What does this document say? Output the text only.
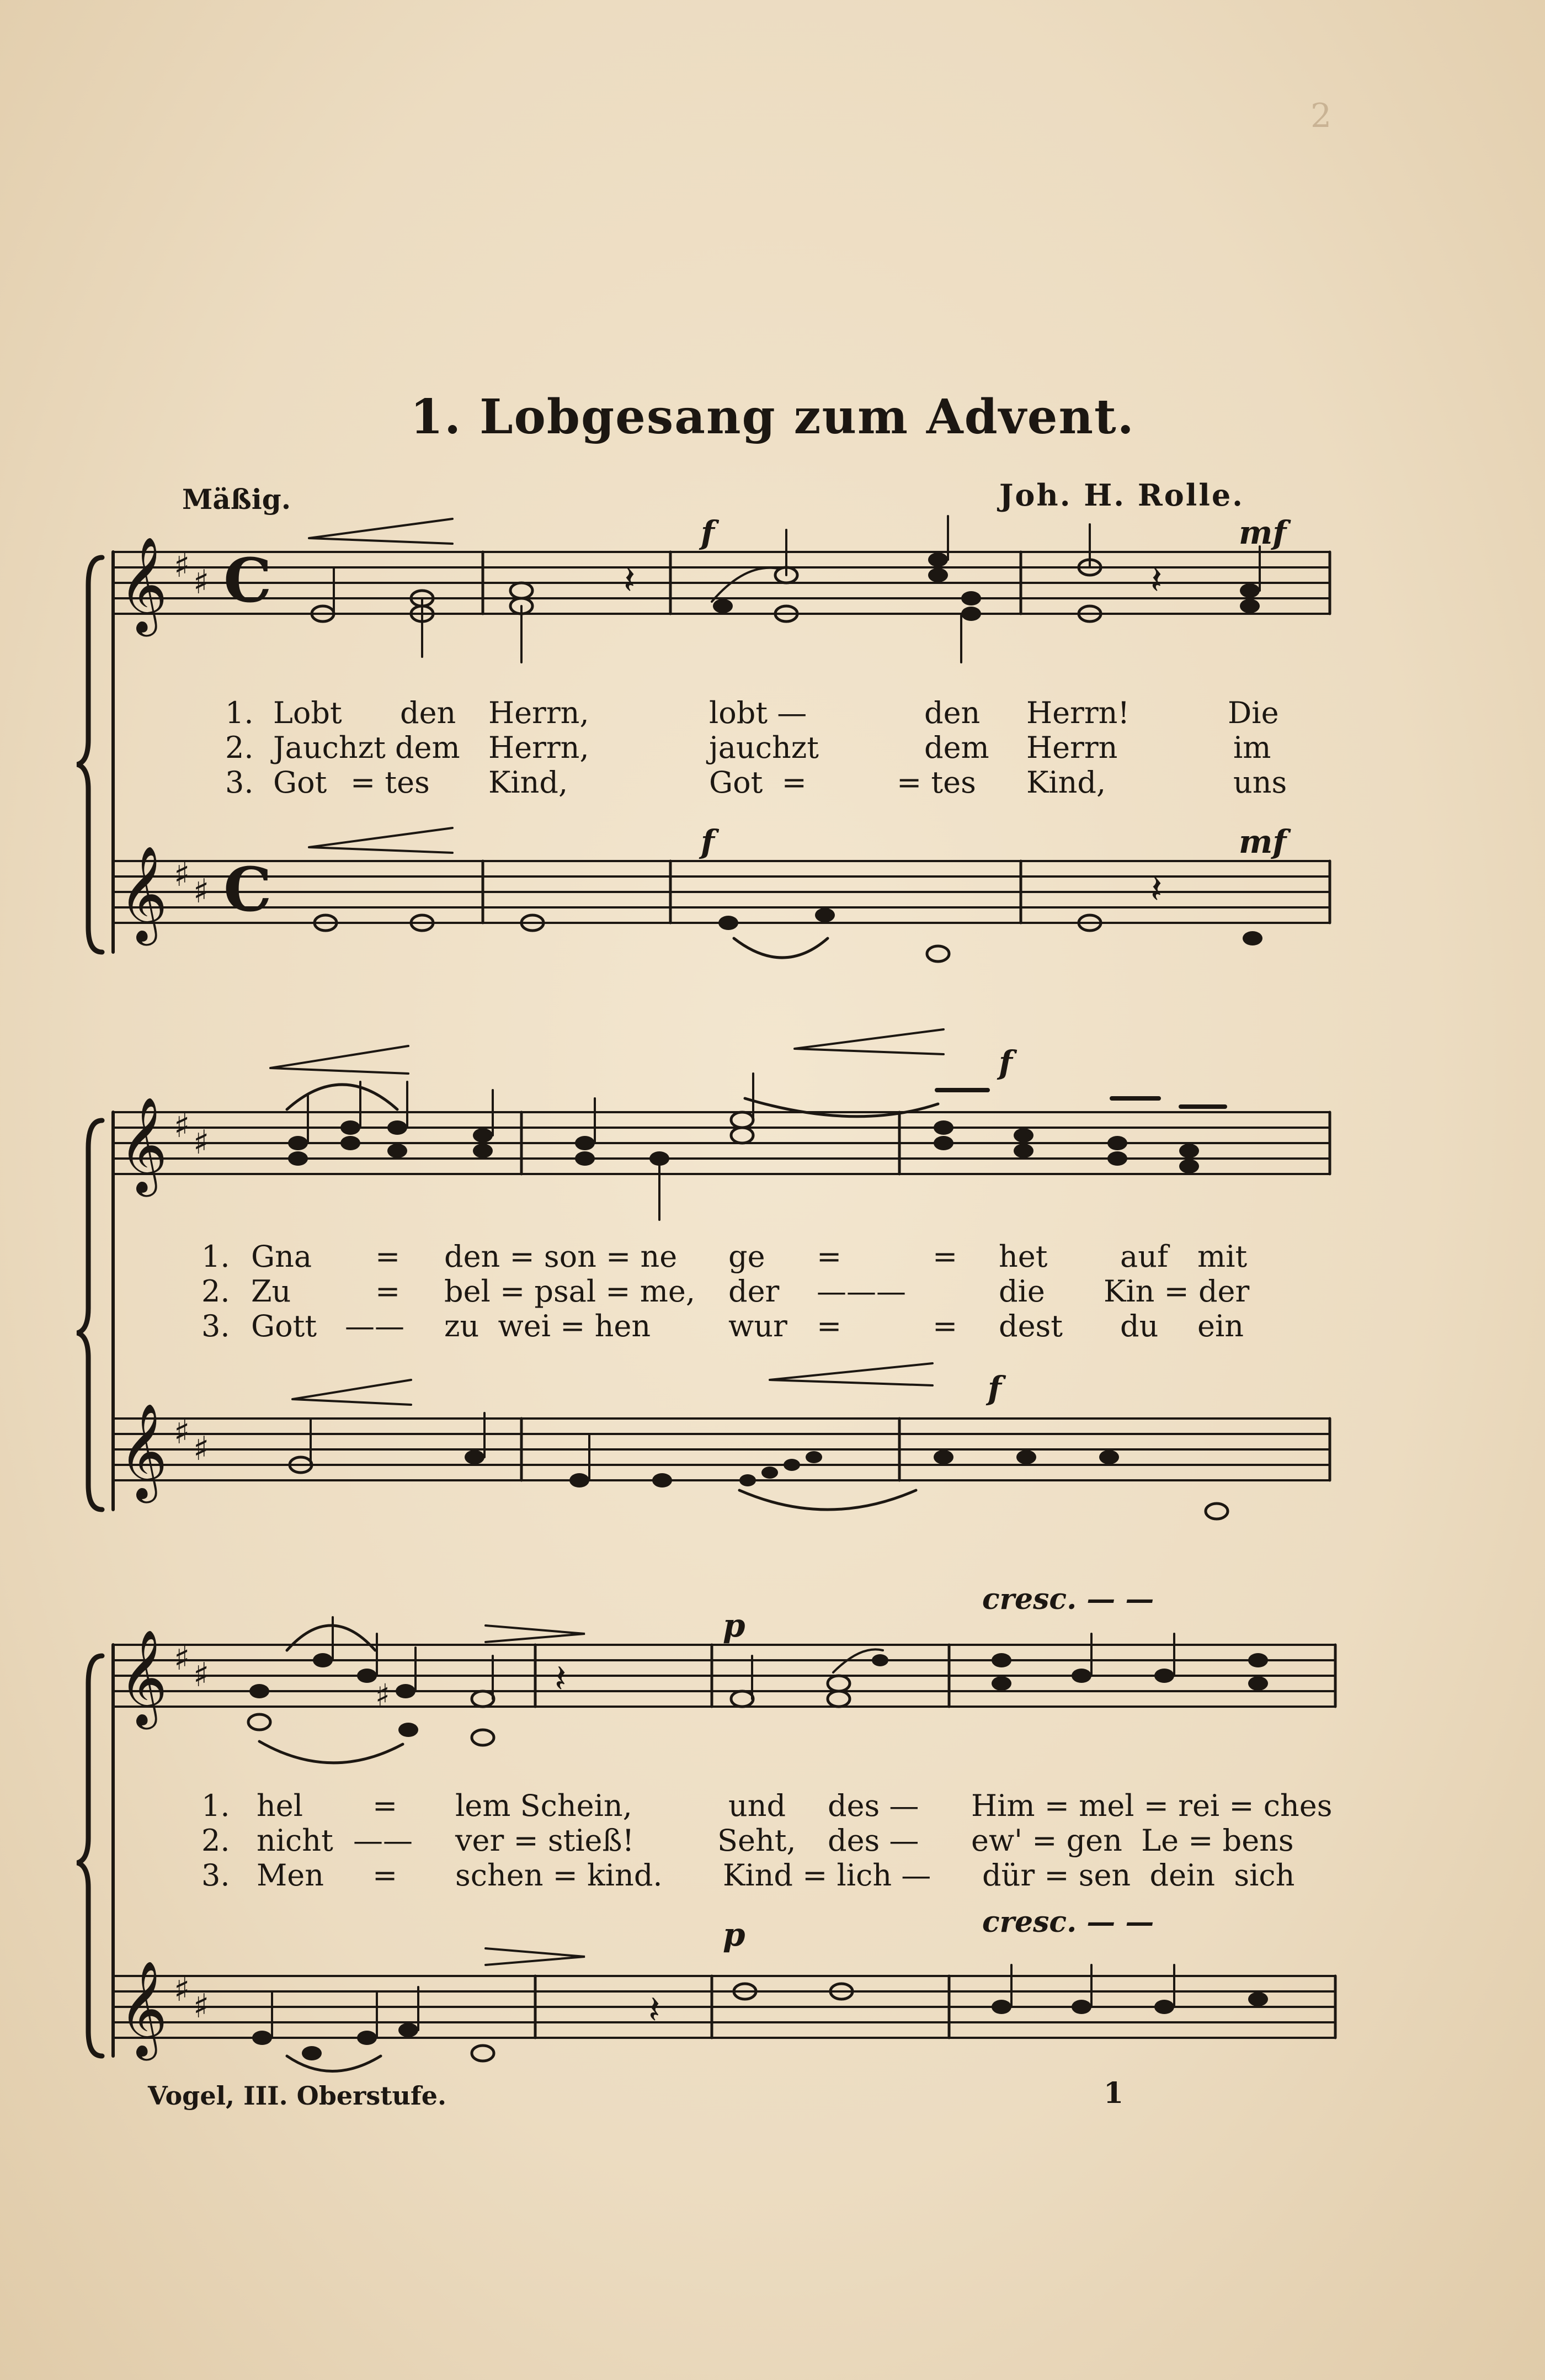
2
1. Lobgesang zum Advent.
Mäßig.	Joh. H. Rolle.
𝄞
𝄞
♯ ♯
♯ ♯
C
C
𝄽	𝄽
𝄽
𝄞
𝄞
♯ ♯
♯ ♯
𝄞
𝄞
♯ ♯
♯ ♯
♯	𝄽
𝄽
f	mf
f	mf
f
f
p
cresc. — —
p	cresc. — —
1. Lobt den Herrn,	lobt —	den Herrn!	Die
2. Jauchzt dem Herrn,	jauchzt	dem Herrn	im
3. Got = tes Kind,	Got  =	= tes Kind,	uns
1. Gna = den = son = ne ge =	= het auf mit
2. Zu	= bel = psal = me, der ———	die Kin = der
3. Gott —— zu  wei = hen	wur =	= dest du ein
1. hel = lem Schein,	und des — Him = mel = rei = ches
2. nicht —— ver = stieß!	Seht, des — ew' = gen  Le = bens
3. Men = schen = kind. Kind = lich — dür = sen  dein  sich
Vogel, III. Oberstufe.	1
